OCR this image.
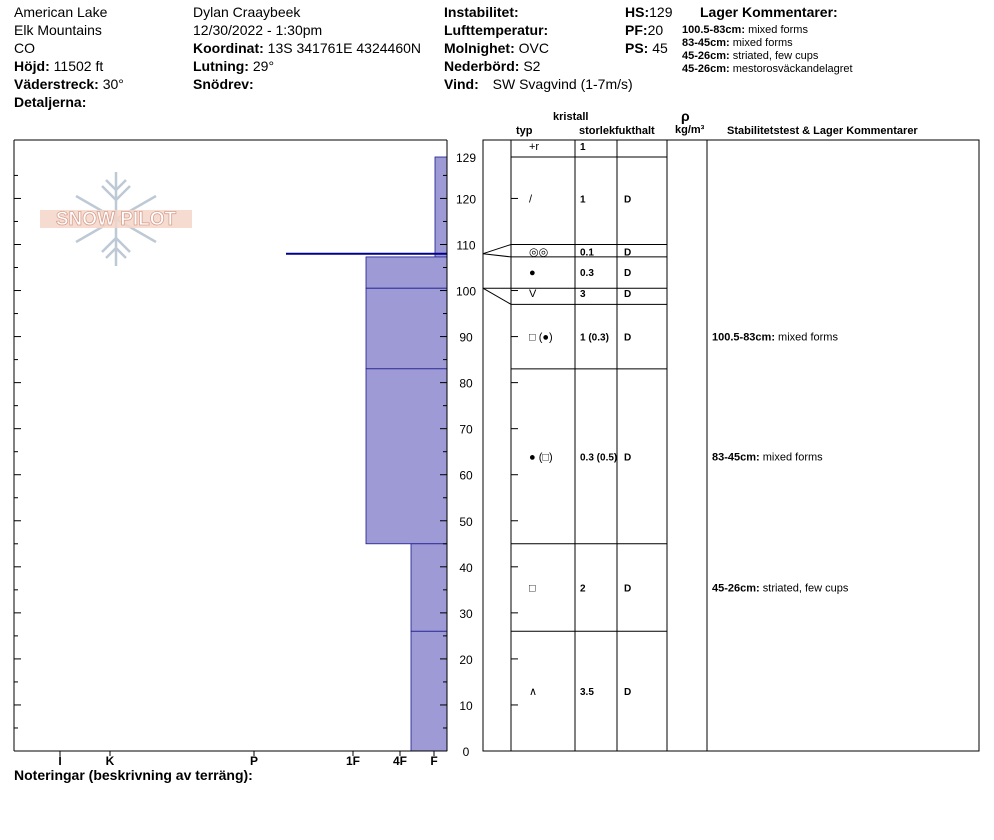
American Lake
Elk Mountains
CO
Höjd: 11502 ft
Väderstreck: 30°
Detaljerna:
Dylan Craaybeek
12/30/2022 - 1:30pm
Koordinat: 13S 341761E 4324460N
Lutning: 29°
Snödrev:
Instabilitet:
Lufttemperatur:
Molnighet: OVC
Nederbörd: S2
Vind: SW Svagvind (1-7m/s)
HS:129
PF:20
PS: 45
Lager Kommentarer:
100.5-83cm: mixed forms
83-45cm: mixed forms
45-26cm: striated, few cups
45-26cm: mestorosväckandelagret
kristall
typ	storlek fukthalt
ρ
kg/m³ Stabilitetstest & Lager Kommentarer
SNOW PILOT
I	K	P	1F	4F F
0
10
20
30
40
50
60
70
80
90
100
110
120
129
+r	1
/	1	D
◎◎	0.1	D
●	0.3	D
V	3	D
□ (●)	1 (0.3) D
● (□)	0.3 (0.5) D
□	2	D
∧	3.5	D
100.5-83cm: mixed forms
83-45cm: mixed forms
45-26cm: striated, few cups
Noteringar (beskrivning av terräng):
